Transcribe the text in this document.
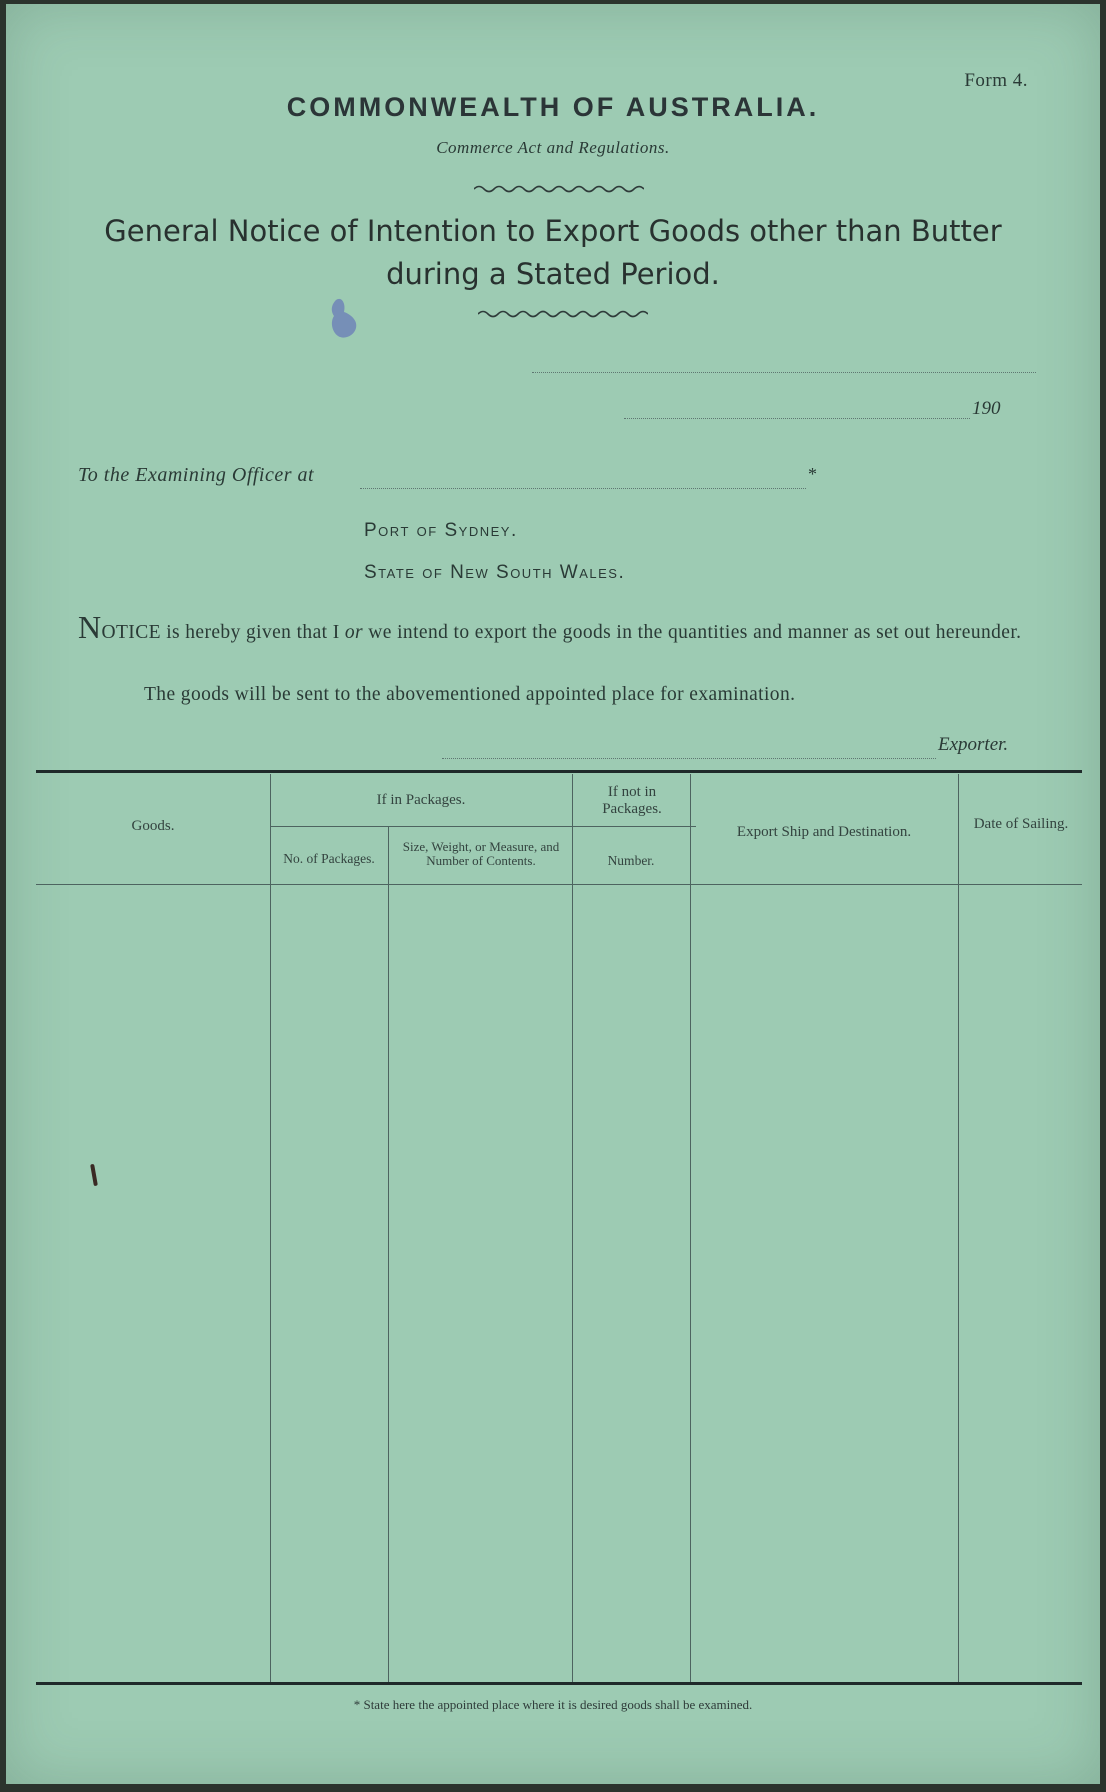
Form 4.
COMMONWEALTH OF AUSTRALIA.
Commerce Act and Regulations.
General Notice of Intention to Export Goods other than Butter
during a Stated Period.
190
To the Examining Officer at	*
Port of Sydney.
State of New South Wales.
NOTICE is hereby given that I or we intend to export the goods in the quantities and manner as set out hereunder.
The goods will be sent to the abovementioned appointed place for examination.
Exporter.
Goods.
If in Packages.
No. of Packages.
Size, Weight, or Measure, and Number of Contents.
If not in Packages.
Number.
Export Ship and Destination.	Date of Sailing.
* State here the appointed place where it is desired goods shall be examined.
